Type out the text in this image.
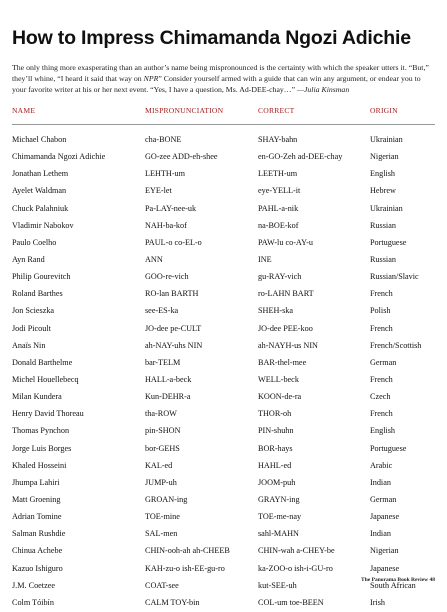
How to Impress Chimamanda Ngozi Adichie

The only thing more exasperating than an author’s name being mispronounced is the certainty with which the speaker utters it. “But,” they’ll whine, “I heard it said that way on NPR” Consider yourself armed with a guide that can win any argument, or endear you to your favorite writer at his or her next event. “Yes, I have a question, Ms. Ad-DEE-chay…” —Julia Kinsman

NAME	MISPRONUNCIATION	CORRECT	ORIGIN
Michael Chabon	cha-BONE	SHAY-bahn	Ukrainian
Chimamanda Ngozi Adichie	GO-zee ADD-eh-shee	en-GO-Zeh ad-DEE-chay	Nigerian
Jonathan Lethem	LEHTH-um	LEETH-um	English
Ayelet Waldman	EYE-let	eye-YELL-it	Hebrew
Chuck Palahniuk	Pa-LAY-nee-uk	PAHL-a-nik	Ukrainian
Vladimir Nabokov	NAH-ba-kof	na-BOE-kof	Russian
Paulo Coelho	PAUL-o co-EL-o	PAW-lu co-AY-u	Portuguese
Ayn Rand	ANN	INE	Russian
Philip Gourevitch	GOO-re-vich	gu-RAY-vich	Russian/Slavic
Roland Barthes	RO-lan BARTH	ro-LAHN BART	French
Jon Scieszka	see-ES-ka	SHEH-ska	Polish
Jodi Picoult	JO-dee pe-CULT	JO-dee PEE-koo	French
Anaïs Nin	ah-NAY-uhs NIN	ah-NAYH-us NIN	French/Scottish
Donald Barthelme	bar-TELM	BAR-thel-mee	German
Michel Houellebecq	HALL-a-beck	WELL-beck	French
Milan Kundera	Kun-DEHR-a	KOON-de-ra	Czech
Henry David Thoreau	tha-ROW	THOR-oh	French
Thomas Pynchon	pin-SHON	PIN-shuhn	English
Jorge Luis Borges	bor-GEHS	BOR-hays	Portuguese
Khaled Hosseini	KAL-ed	HAHL-ed	Arabic
Jhumpa Lahiri	JUMP-uh	JOOM-puh	Indian
Matt Groening	GROAN-ing	GRAYN-ing	German
Adrian Tomine	TOE-mine	TOE-me-nay	Japanese
Salman Rushdie	SAL-men	sahl-MAHN	Indian
Chinua Achebe	CHIN-ooh-ah ah-CHEEB	CHIN-wah a-CHEY-be	Nigerian
Kazuo Ishiguro	KAH-zu-o ish-EE-gu-ro	ka-ZOO-o ish-i-GU-ro	Japanese
J.M. Coetzee	COAT-see	kut-SEE-uh	South African
Colm Tóibín	CALM TOY-bin	COL-um toe-BEEN	Irish
The Panorama Book Review 48
